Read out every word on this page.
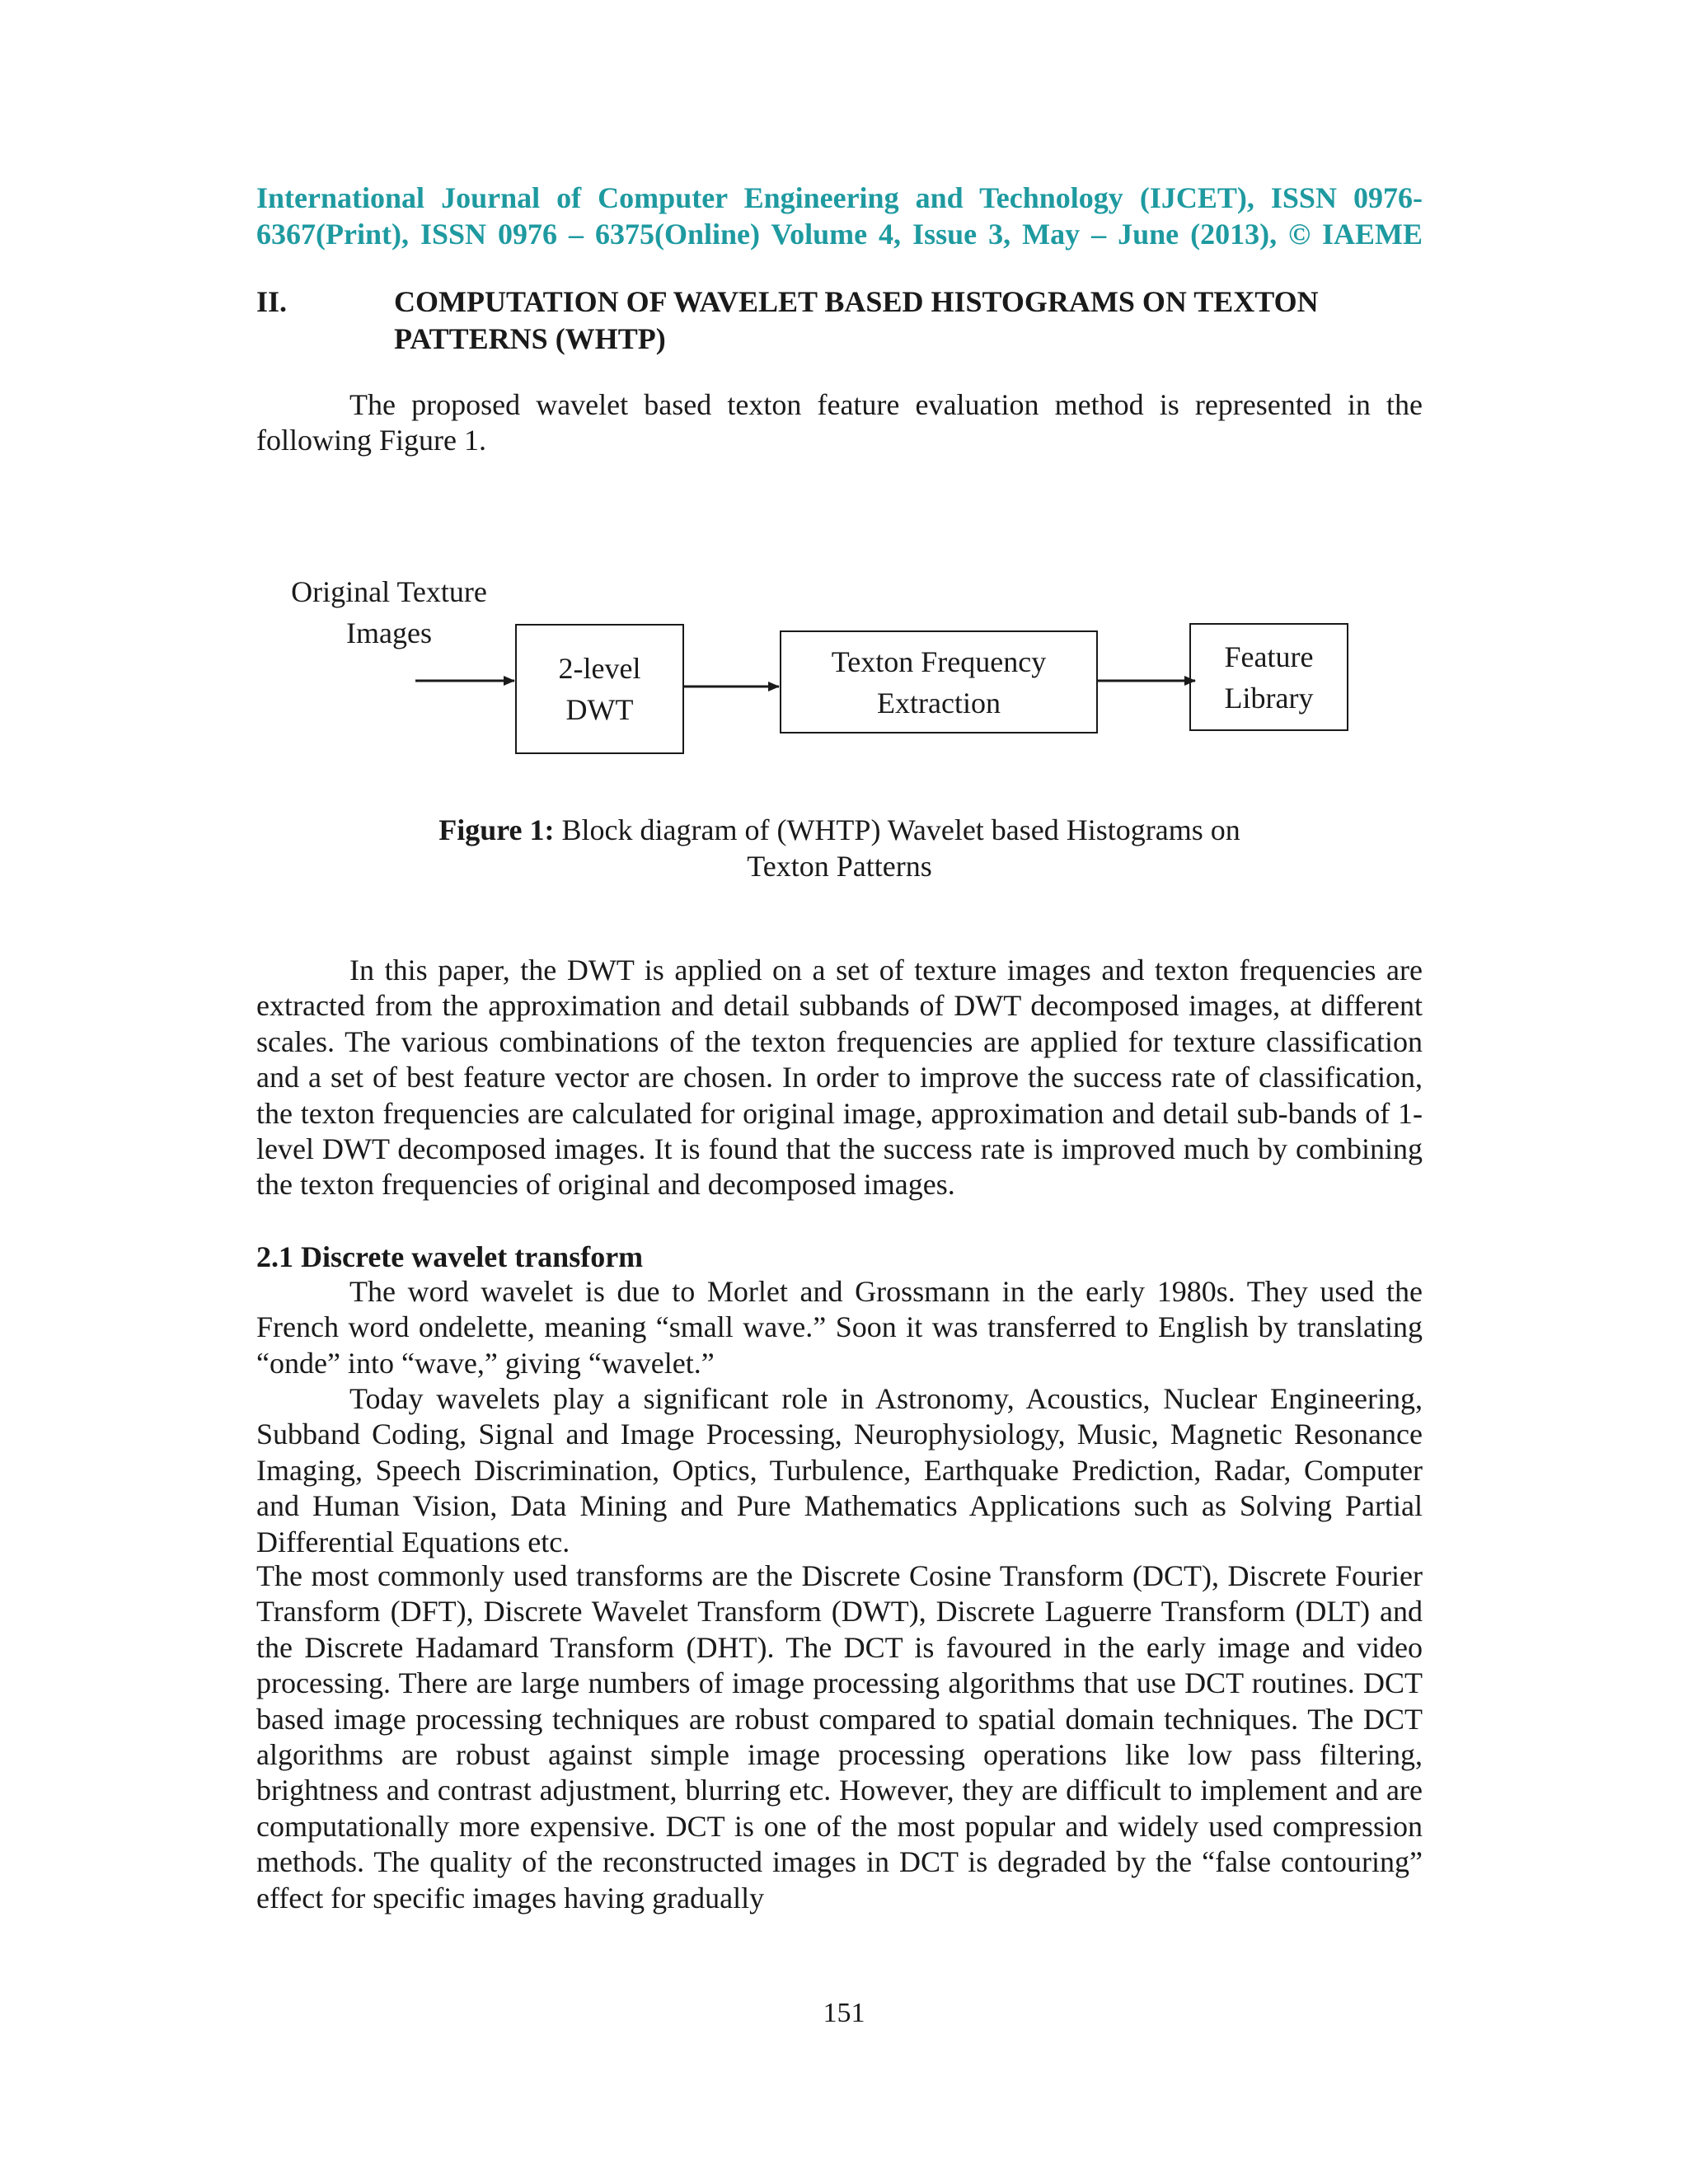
International Journal of Computer Engineering and Technology (IJCET), ISSN 0976-

6367(Print), ISSN 0976 – 6375(Online) Volume 4, Issue 3, May – June (2013), © IAEME
II.	COMPUTATION OF WAVELET BASED HISTOGRAMS ON TEXTON PATTERNS (WHTP)

The proposed wavelet based texton feature evaluation method is represented in the following Figure 1.

Original Texture
Images
2-level
DWT
Texton Frequency
Extraction
Feature
Library
Figure 1: Block diagram of (WHTP) Wavelet based Histograms on
Texton Patterns

In this paper, the DWT is applied on a set of texture images and texton frequencies are extracted from the approximation and detail subbands of DWT decomposed images, at different scales. The various combinations of the texton frequencies are applied for texture classification and a set of best feature vector are chosen. In order to improve the success rate of classification, the texton frequencies are calculated for original image, approximation and detail sub-bands of 1-level DWT decomposed images. It is found that the success rate is improved much by combining the texton frequencies of original and decomposed images.

2.1 Discrete wavelet transform

The word wavelet is due to Morlet and Grossmann in the early 1980s. They used the French word ondelette, meaning “small wave.” Soon it was transferred to English by translating “onde” into “wave,” giving “wavelet.”

Today wavelets play a significant role in Astronomy, Acoustics, Nuclear Engineering, Subband Coding, Signal and Image Processing, Neurophysiology, Music, Magnetic Resonance Imaging, Speech Discrimination, Optics, Turbulence, Earthquake Prediction, Radar, Computer and Human Vision, Data Mining and Pure Mathematics Applications such as Solving Partial Differential Equations etc.

The most commonly used transforms are the Discrete Cosine Transform (DCT), Discrete Fourier Transform (DFT), Discrete Wavelet Transform (DWT), Discrete Laguerre Transform (DLT) and the Discrete Hadamard Transform (DHT). The DCT is favoured in the early image and video processing. There are large numbers of image processing algorithms that use DCT routines. DCT based image processing techniques are robust compared to spatial domain techniques. The DCT algorithms are robust against simple image processing operations like low pass filtering, brightness and contrast adjustment, blurring etc. However, they are difficult to implement and are computationally more expensive. DCT is one of the most popular and widely used compression methods. The quality of the reconstructed images in DCT is degraded by the “false contouring” effect for specific images having gradually

151
